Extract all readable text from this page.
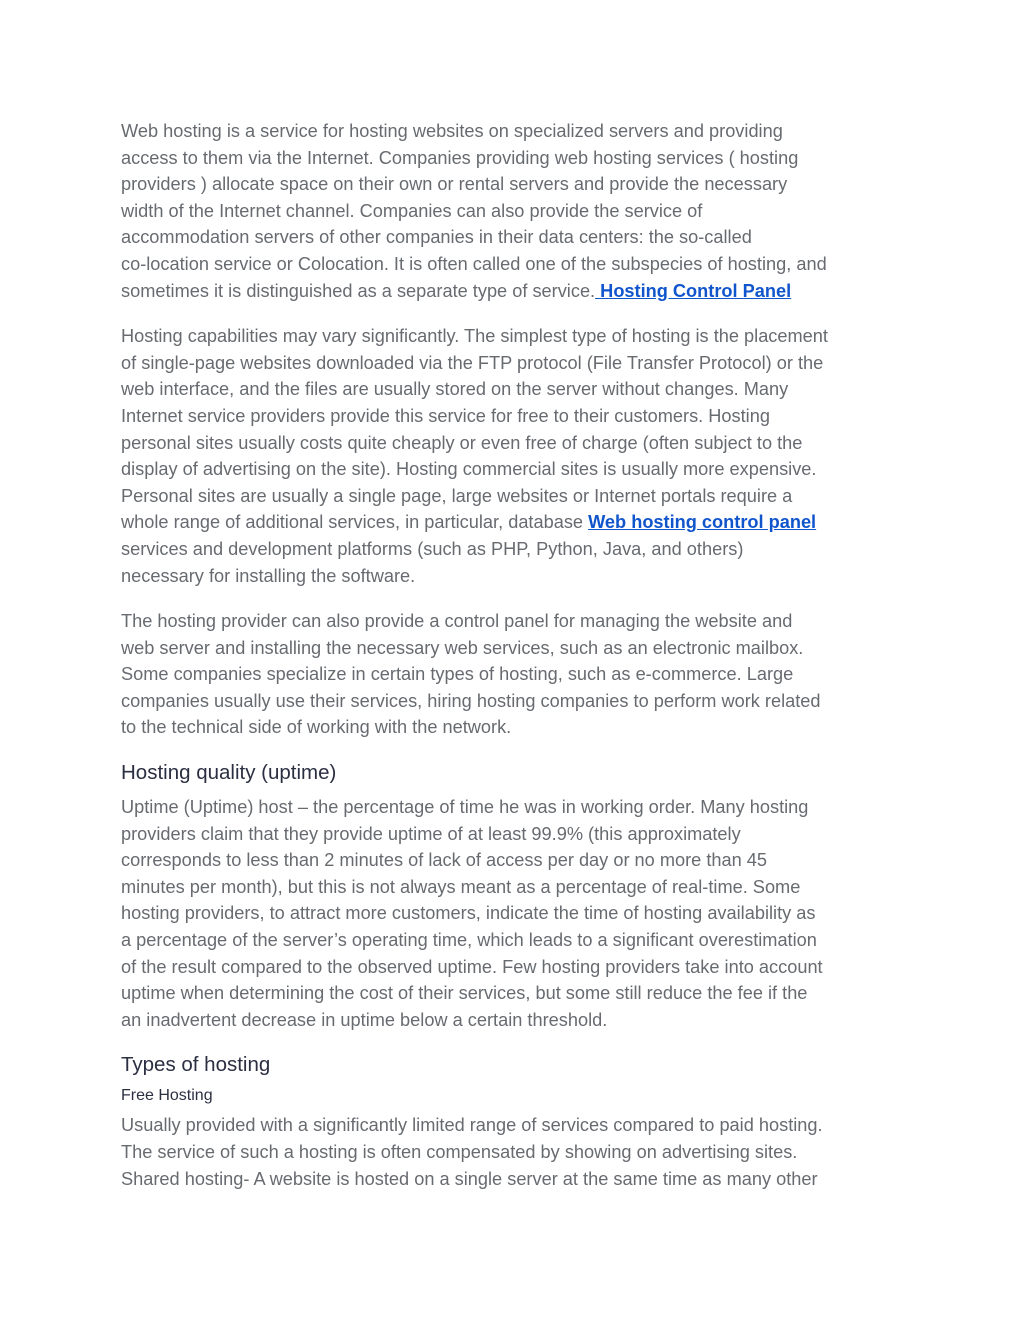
Web hosting is a service for hosting websites on specialized servers and providing
access to them via the Internet. Companies providing web hosting services ( hosting
providers ) allocate space on their own or rental servers and provide the necessary
width of the Internet channel. Companies can also provide the service of
accommodation servers of other companies in their data centers: the so-called
co-location service or Colocation. It is often called one of the subspecies of hosting, and
sometimes it is distinguished as a separate type of service. Hosting Control Panel

Hosting capabilities may vary significantly. The simplest type of hosting is the placement
of single-page websites downloaded via the FTP protocol (File Transfer Protocol) or the
web interface, and the files are usually stored on the server without changes. Many
Internet service providers provide this service for free to their customers. Hosting
personal sites usually costs quite cheaply or even free of charge (often subject to the
display of advertising on the site). Hosting commercial sites is usually more expensive.
Personal sites are usually a single page, large websites or Internet portals require a
whole range of additional services, in particular, database Web hosting control panel
services and development platforms (such as PHP, Python, Java, and others)
necessary for installing the software.

The hosting provider can also provide a control panel for managing the website and
web server and installing the necessary web services, such as an electronic mailbox.
Some companies specialize in certain types of hosting, such as e-commerce. Large
companies usually use their services, hiring hosting companies to perform work related
to the technical side of working with the network.

Hosting quality (uptime)

Uptime (Uptime) host – the percentage of time he was in working order. Many hosting
providers claim that they provide uptime of at least 99.9% (this approximately
corresponds to less than 2 minutes of lack of access per day or no more than 45
minutes per month), but this is not always meant as a percentage of real-time. Some
hosting providers, to attract more customers, indicate the time of hosting availability as
a percentage of the server’s operating time, which leads to a significant overestimation
of the result compared to the observed uptime. Few hosting providers take into account
uptime when determining the cost of their services, but some still reduce the fee if the
an inadvertent decrease in uptime below a certain threshold.

Types of hosting
Free Hosting

Usually provided with a significantly limited range of services compared to paid hosting.
The service of such a hosting is often compensated by showing on advertising sites.
Shared hosting- A website is hosted on a single server at the same time as many other
